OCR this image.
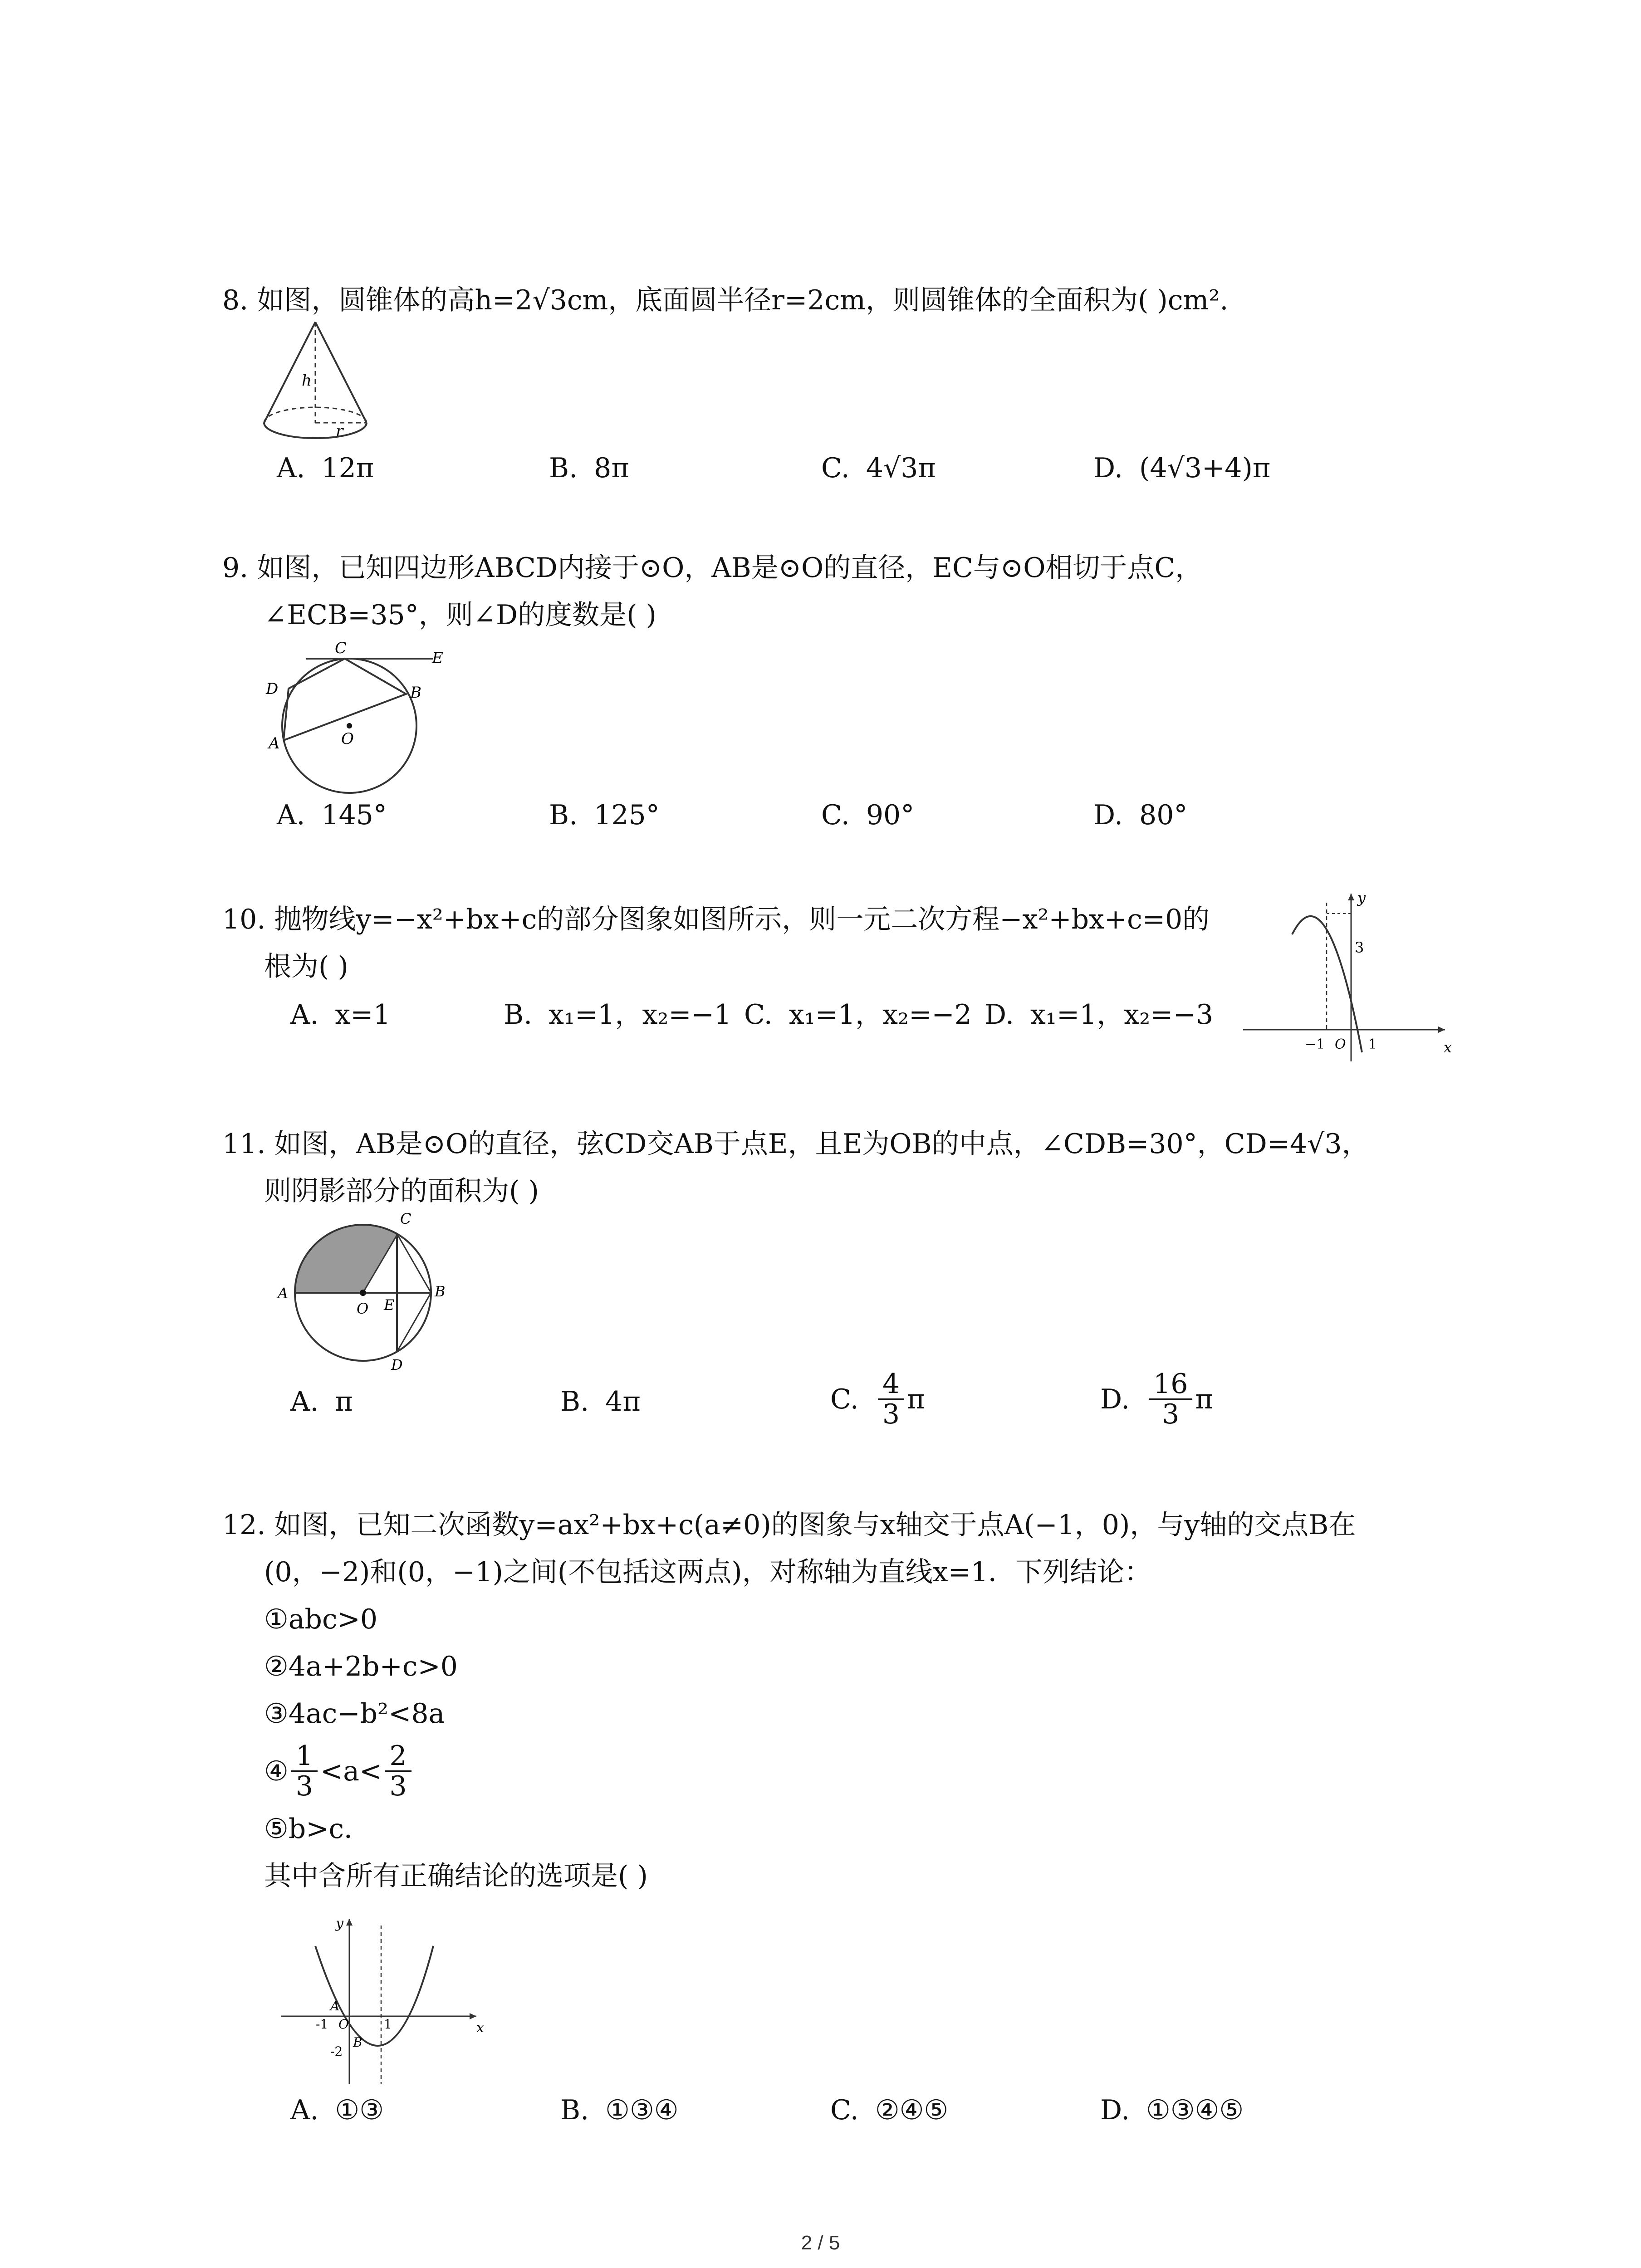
8. 如图，圆锥体的高h=2√3cm，底面圆半径r=2cm，则圆锥体的全面积为( )cm².
h
r
A. 12π	B. 8π	C. 4√3π	D. (4√3+4)π
9. 如图，已知四边形ABCD内接于⊙O，AB是⊙O的直径，EC与⊙O相切于点C，
∠ECB=35°，则∠D的度数是( )
C
E
D	B
A	O
A. 145°	B. 125°	C. 90°	D. 80°
10. 抛物线y=−x²+bx+c的部分图象如图所示，则一元二次方程−x²+bx+c=0的
根为( )
y
x
3
−1 O 1
A. x=1	B. x₁=1，x₂=−1 C. x₁=1，x₂=−2 D. x₁=1，x₂=−3
11. 如图，AB是⊙O的直径，弦CD交AB于点E，且E为OB的中点，∠CDB=30°，CD=4√3，
则阴影部分的面积为( )
C
A	B
O E
D
A. π	B. 4π	C. $\frac{4}{3}$ π	D. $\frac{16}{3}$ π
12. 如图，已知二次函数y=ax²+bx+c(a≠0)的图象与x轴交于点A(−1，0)，与y轴的交点B在
(0，−2)和(0，−1)之间(不包括这两点)，对称轴为直线x=1．下列结论：
①abc>0
②4a+2b+c>0
③4ac−b²<8a
④ $\frac{1}{3} <a< \frac{2}{3}$
⑤b>c．
其中含所有正确结论的选项是( )
y
x
A
-1 O	1
B
-2
A. ①③	B. ①③④	C. ②④⑤	D. ①③④⑤
2 / 5
